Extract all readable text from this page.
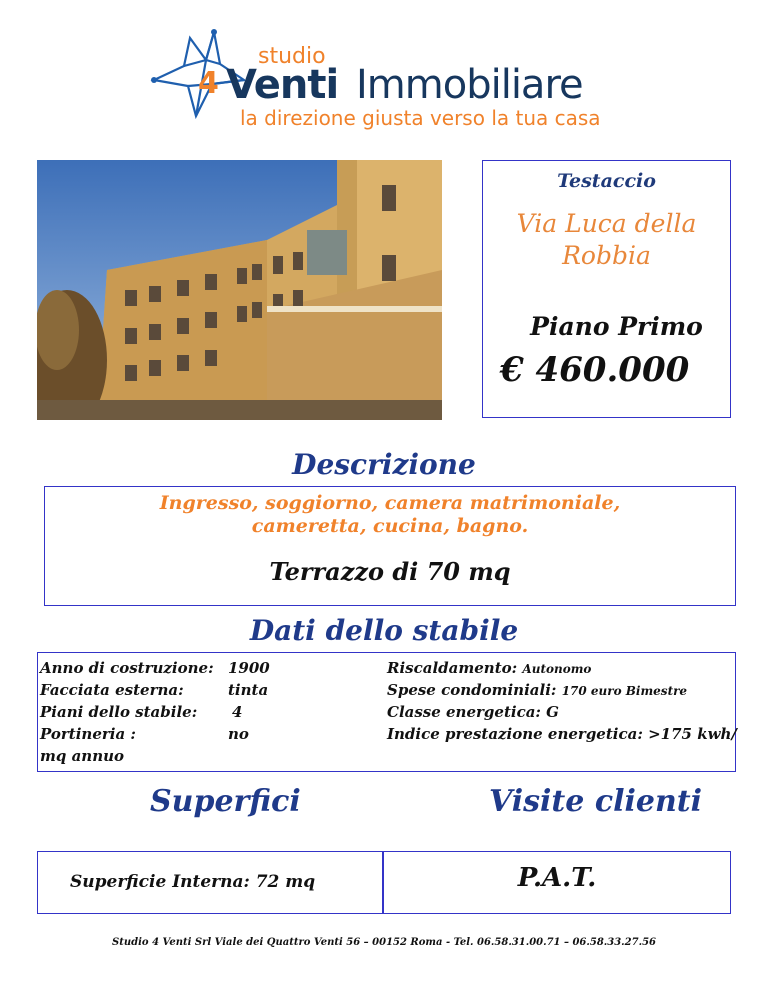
studio
4 Venti Immobiliare
la direzione giusta verso la tua casa
Testaccio
Via Luca della
Robbia
Piano Primo
€ 460.000
Descrizione
Ingresso, soggiorno, camera matrimoniale,
cameretta, cucina, bagno.
Terrazzo di 70 mq
Dati dello stabile
Anno di costruzione: 1900
Facciata esterna:	tinta
Piani dello stabile: 4
Portineria :	no
mq annuo
Riscaldamento: Autonomo
Spese condominiali: 170 euro Bimestre
Classe energetica: G
Indice prestazione energetica: >175 kwh/
Superfici	Visite clienti
Superficie Interna: 72 mq	P.A.T.
Studio 4 Venti Srl Viale dei Quattro Venti 56 – 00152 Roma - Tel. 06.58.31.00.71 – 06.58.33.27.56
